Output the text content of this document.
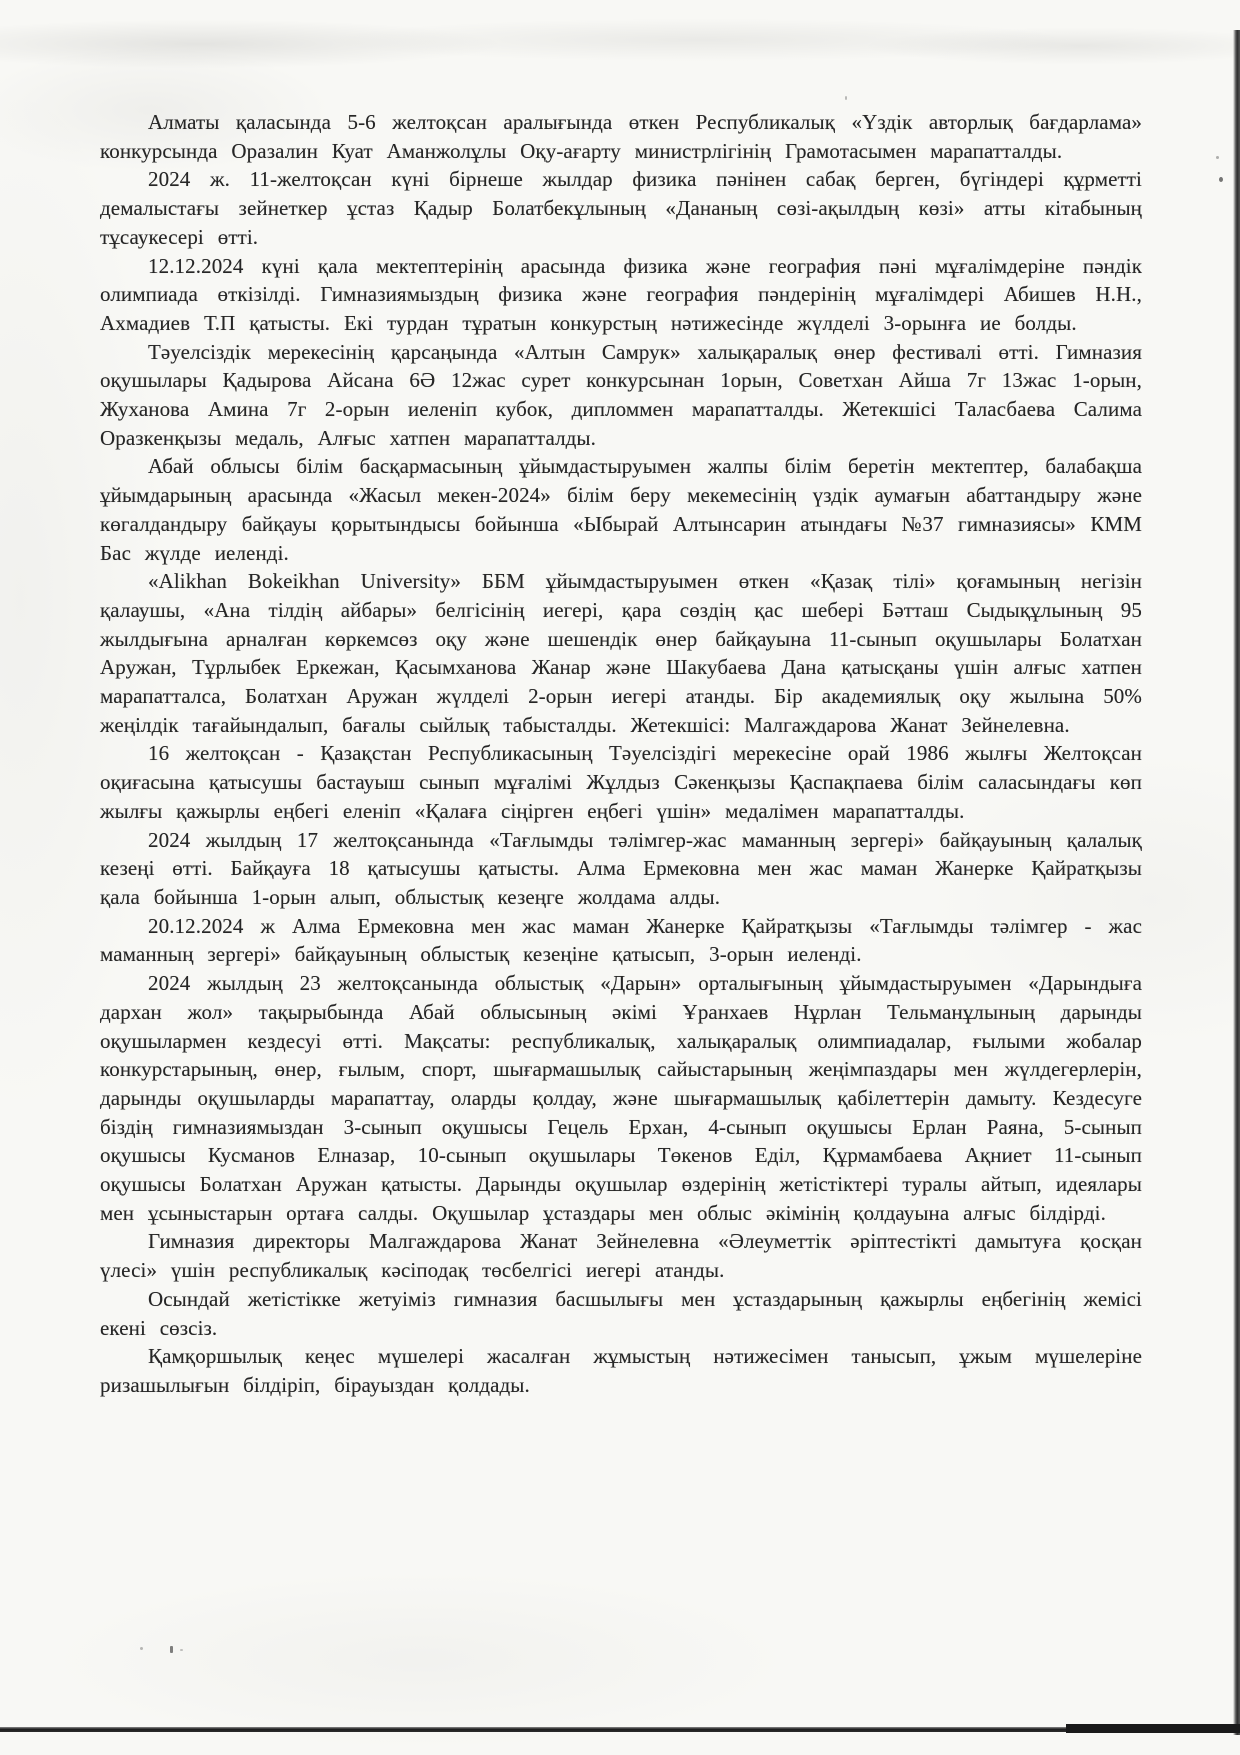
Алматы қаласында 5-6 желтоқсан аралығында өткен Республикалық «Үздік авторлық бағдарлама» конкурсында Оразалин Куат Аманжолұлы Оқу-ағарту министрлігінің Грамотасымен марапатталды.

2024 ж. 11-желтоқсан күні бірнеше жылдар физика пәнінен сабақ берген, бүгіндері құрметті демалыстағы зейнеткер ұстаз Қадыр Болатбекұлының «Дананың сөзі-ақылдың көзі» атты кітабының тұсаукесері өтті.

12.12.2024 күні қала мектептерінің арасында физика және география пәні мұғалімдеріне пәндік олимпиада өткізілді. Гимназиямыздың физика және география пәндерінің мұғалімдері Абишев Н.Н., Ахмадиев Т.П қатысты. Екі турдан тұратын конкурстың нәтижесінде жүлделі 3-орынға ие болды.

Тәуелсіздік мерекесінің қарсаңында «Алтын Самрук» халықаралық өнер фестивалі өтті. Гимназия оқушылары Қадырова Айсана 6Ә 12жас сурет конкурсынан 1орын, Советхан Айша 7г 13жас 1-орын, Жуханова Амина 7г 2-орын иеленіп кубок, дипломмен марапатталды. Жетекшісі Таласбаева Салима Оразкенқызы медаль, Алғыс хатпен марапатталды.

Абай облысы білім басқармасының ұйымдастыруымен жалпы білім беретін мектептер, балабақша ұйымдарының арасында «Жасыл мекен-2024» білім беру мекемесінің үздік аумағын абаттандыру және көгалдандыру байқауы қорытындысы бойынша «Ыбырай Алтынсарин атындағы №37 гимназиясы» КММ Бас жүлде иеленді.

«Alikhan Bokeikhan University» ББМ ұйымдастыруымен өткен «Қазақ тілі» қоғамының негізін қалаушы, «Ана тілдің айбары» белгісінің иегері, қара сөздің қас шебері Бәтташ Сыдықұлының 95 жылдығына арналған көркемсөз оқу және шешендік өнер байқауына 11-сынып оқушылары Болатхан Аружан, Тұрлыбек Еркежан, Қасымханова Жанар және Шакубаева Дана қатысқаны үшін алғыс хатпен марапатталса, Болатхан Аружан жүлделі 2-орын иегері атанды. Бір академиялық оқу жылына 50% жеңілдік тағайындалып, бағалы сыйлық табысталды. Жетекшісі: Малгаждарова Жанат Зейнелевна.

16 желтоқсан - Қазақстан Республикасының Тәуелсіздігі мерекесіне орай 1986 жылғы Желтоқсан оқиғасына қатысушы бастауыш сынып мұғалімі Жұлдыз Сәкенқызы Қаспақпаева білім саласындағы көп жылғы қажырлы еңбегі еленіп «Қалаға сіңірген еңбегі үшін» медалімен марапатталды.

2024 жылдың 17 желтоқсанында «Тағлымды тәлімгер-жас маманның зергері» байқауының қалалық кезеңі өтті. Байқауға 18 қатысушы қатысты. Алма Ермековна мен жас маман Жанерке Қайратқызы қала бойынша 1-орын алып, облыстық кезеңге жолдама алды.

20.12.2024 ж Алма Ермековна мен жас маман Жанерке Қайратқызы «Тағлымды тәлімгер - жас маманның зергері» байқауының облыстық кезеңіне қатысып, 3-орын иеленді.

2024 жылдың 23 желтоқсанында облыстық «Дарын» орталығының ұйымдастыруымен «Дарындыға дархан жол» тақырыбында Абай облысының әкімі Ұранхаев Нұрлан Тельманұлының дарынды оқушылармен кездесуі өтті. Мақсаты: республикалық, халықаралық олимпиадалар, ғылыми жобалар конкурстарының, өнер, ғылым, спорт, шығармашылық сайыстарының жеңімпаздары мен жүлдегерлерін, дарынды оқушыларды марапаттау, оларды қолдау, және шығармашылық қабілеттерін дамыту. Кездесуге біздің гимназиямыздан 3-сынып оқушысы Гецель Ерхан, 4-сынып оқушысы Ерлан Раяна, 5-сынып оқушысы Кусманов Елназар, 10-сынып оқушылары Төкенов Еділ, Құрмамбаева Ақниет 11-сынып оқушысы Болатхан Аружан қатысты. Дарынды оқушылар өздерінің жетістіктері туралы айтып, идеялары мен ұсыныстарын ортаға салды. Оқушылар ұстаздары мен облыс әкімінің қолдауына алғыс білдірді.

Гимназия директоры Малгаждарова Жанат Зейнелевна «Әлеуметтік әріптестікті дамытуға қосқан үлесі» үшін республикалық кәсіподақ төсбелгісі иегері атанды.

Осындай жетістікке жетуіміз гимназия басшылығы мен ұстаздарының қажырлы еңбегінің жемісі екені сөзсіз.

Қамқоршылық кеңес мүшелері жасалған жұмыстың нәтижесімен танысып, ұжым мүшелеріне ризашылығын білдіріп, бірауыздан қолдады.
